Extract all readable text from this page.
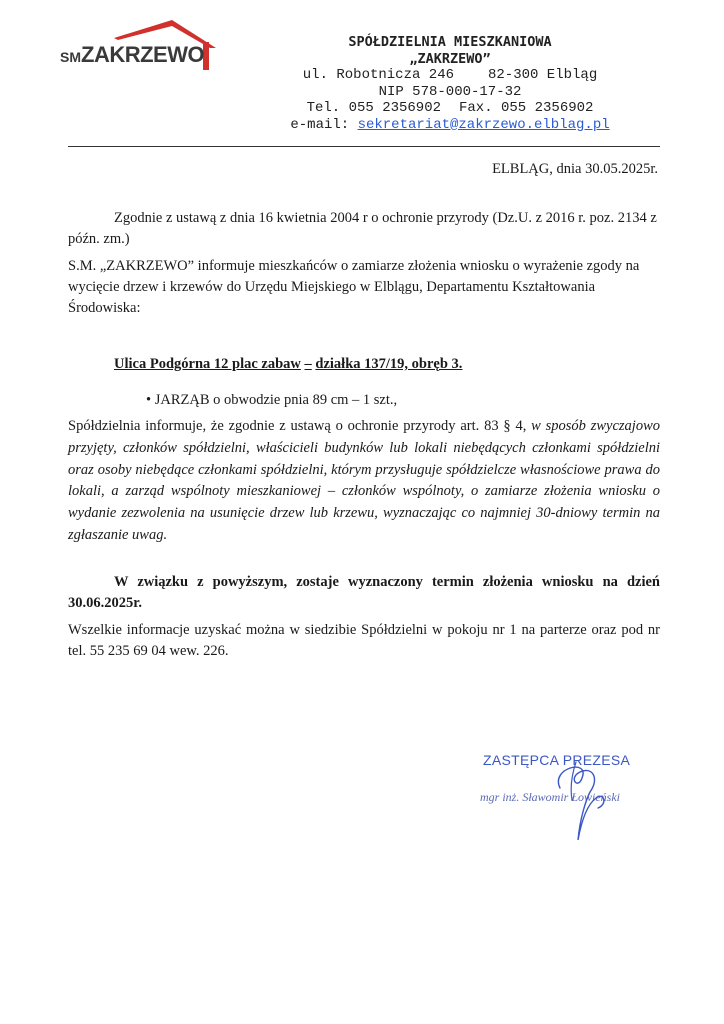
SMZAKRZEWO	SPÓŁDZIELNIA MIESZKANIOWA
„ZAKRZEWO”
ul. Robotnicza 246 82-300 Elbląg
NIP 578-000-17-32
Tel. 055 2356902 Fax. 055 2356902
e-mail: sekretariat@zakrzewo.elblag.pl
ELBLĄG, dnia 30.05.2025r.
Zgodnie z ustawą z dnia 16 kwietnia 2004 r o ochronie przyrody (Dz.U. z 2016 r. poz. 2134 z późn. zm.)
S.M. „ZAKRZEWO” informuje mieszkańców o zamiarze złożenia wniosku o wyrażenie zgody na wycięcie drzew i krzewów do Urzędu Miejskiego w Elblągu, Departamentu Kształtowania Środowiska:
Ulica Podgórna 12 plac zabaw – działka 137/19, obręb 3.
• JARZĄB o obwodzie pnia 89 cm – 1 szt.,
Spółdzielnia informuje, że zgodnie z ustawą o ochronie przyrody art. 83 § 4, w sposób zwyczajowo przyjęty, członków spółdzielni, właścicieli budynków lub lokali niebędących członkami spółdzielni oraz osoby niebędące członkami spółdzielni, którym przysługuje spółdzielcze własnościowe prawa do lokali, a zarząd wspólnoty mieszkaniowej – członków wspólnoty, o zamiarze złożenia wniosku o wydanie zezwolenia na usunięcie drzew lub krzewu, wyznaczając co najmniej 30-dniowy termin na zgłaszanie uwag.
W związku z powyższym, zostaje wyznaczony termin złożenia wniosku na dzień 30.06.2025r.
Wszelkie informacje uzyskać można w siedzibie Spółdzielni w pokoju nr 1 na parterze oraz pod nr tel. 55 235 69 04 wew. 226.
ZASTĘPCA PREZESA
mgr inż. Sławomir Łowieński
